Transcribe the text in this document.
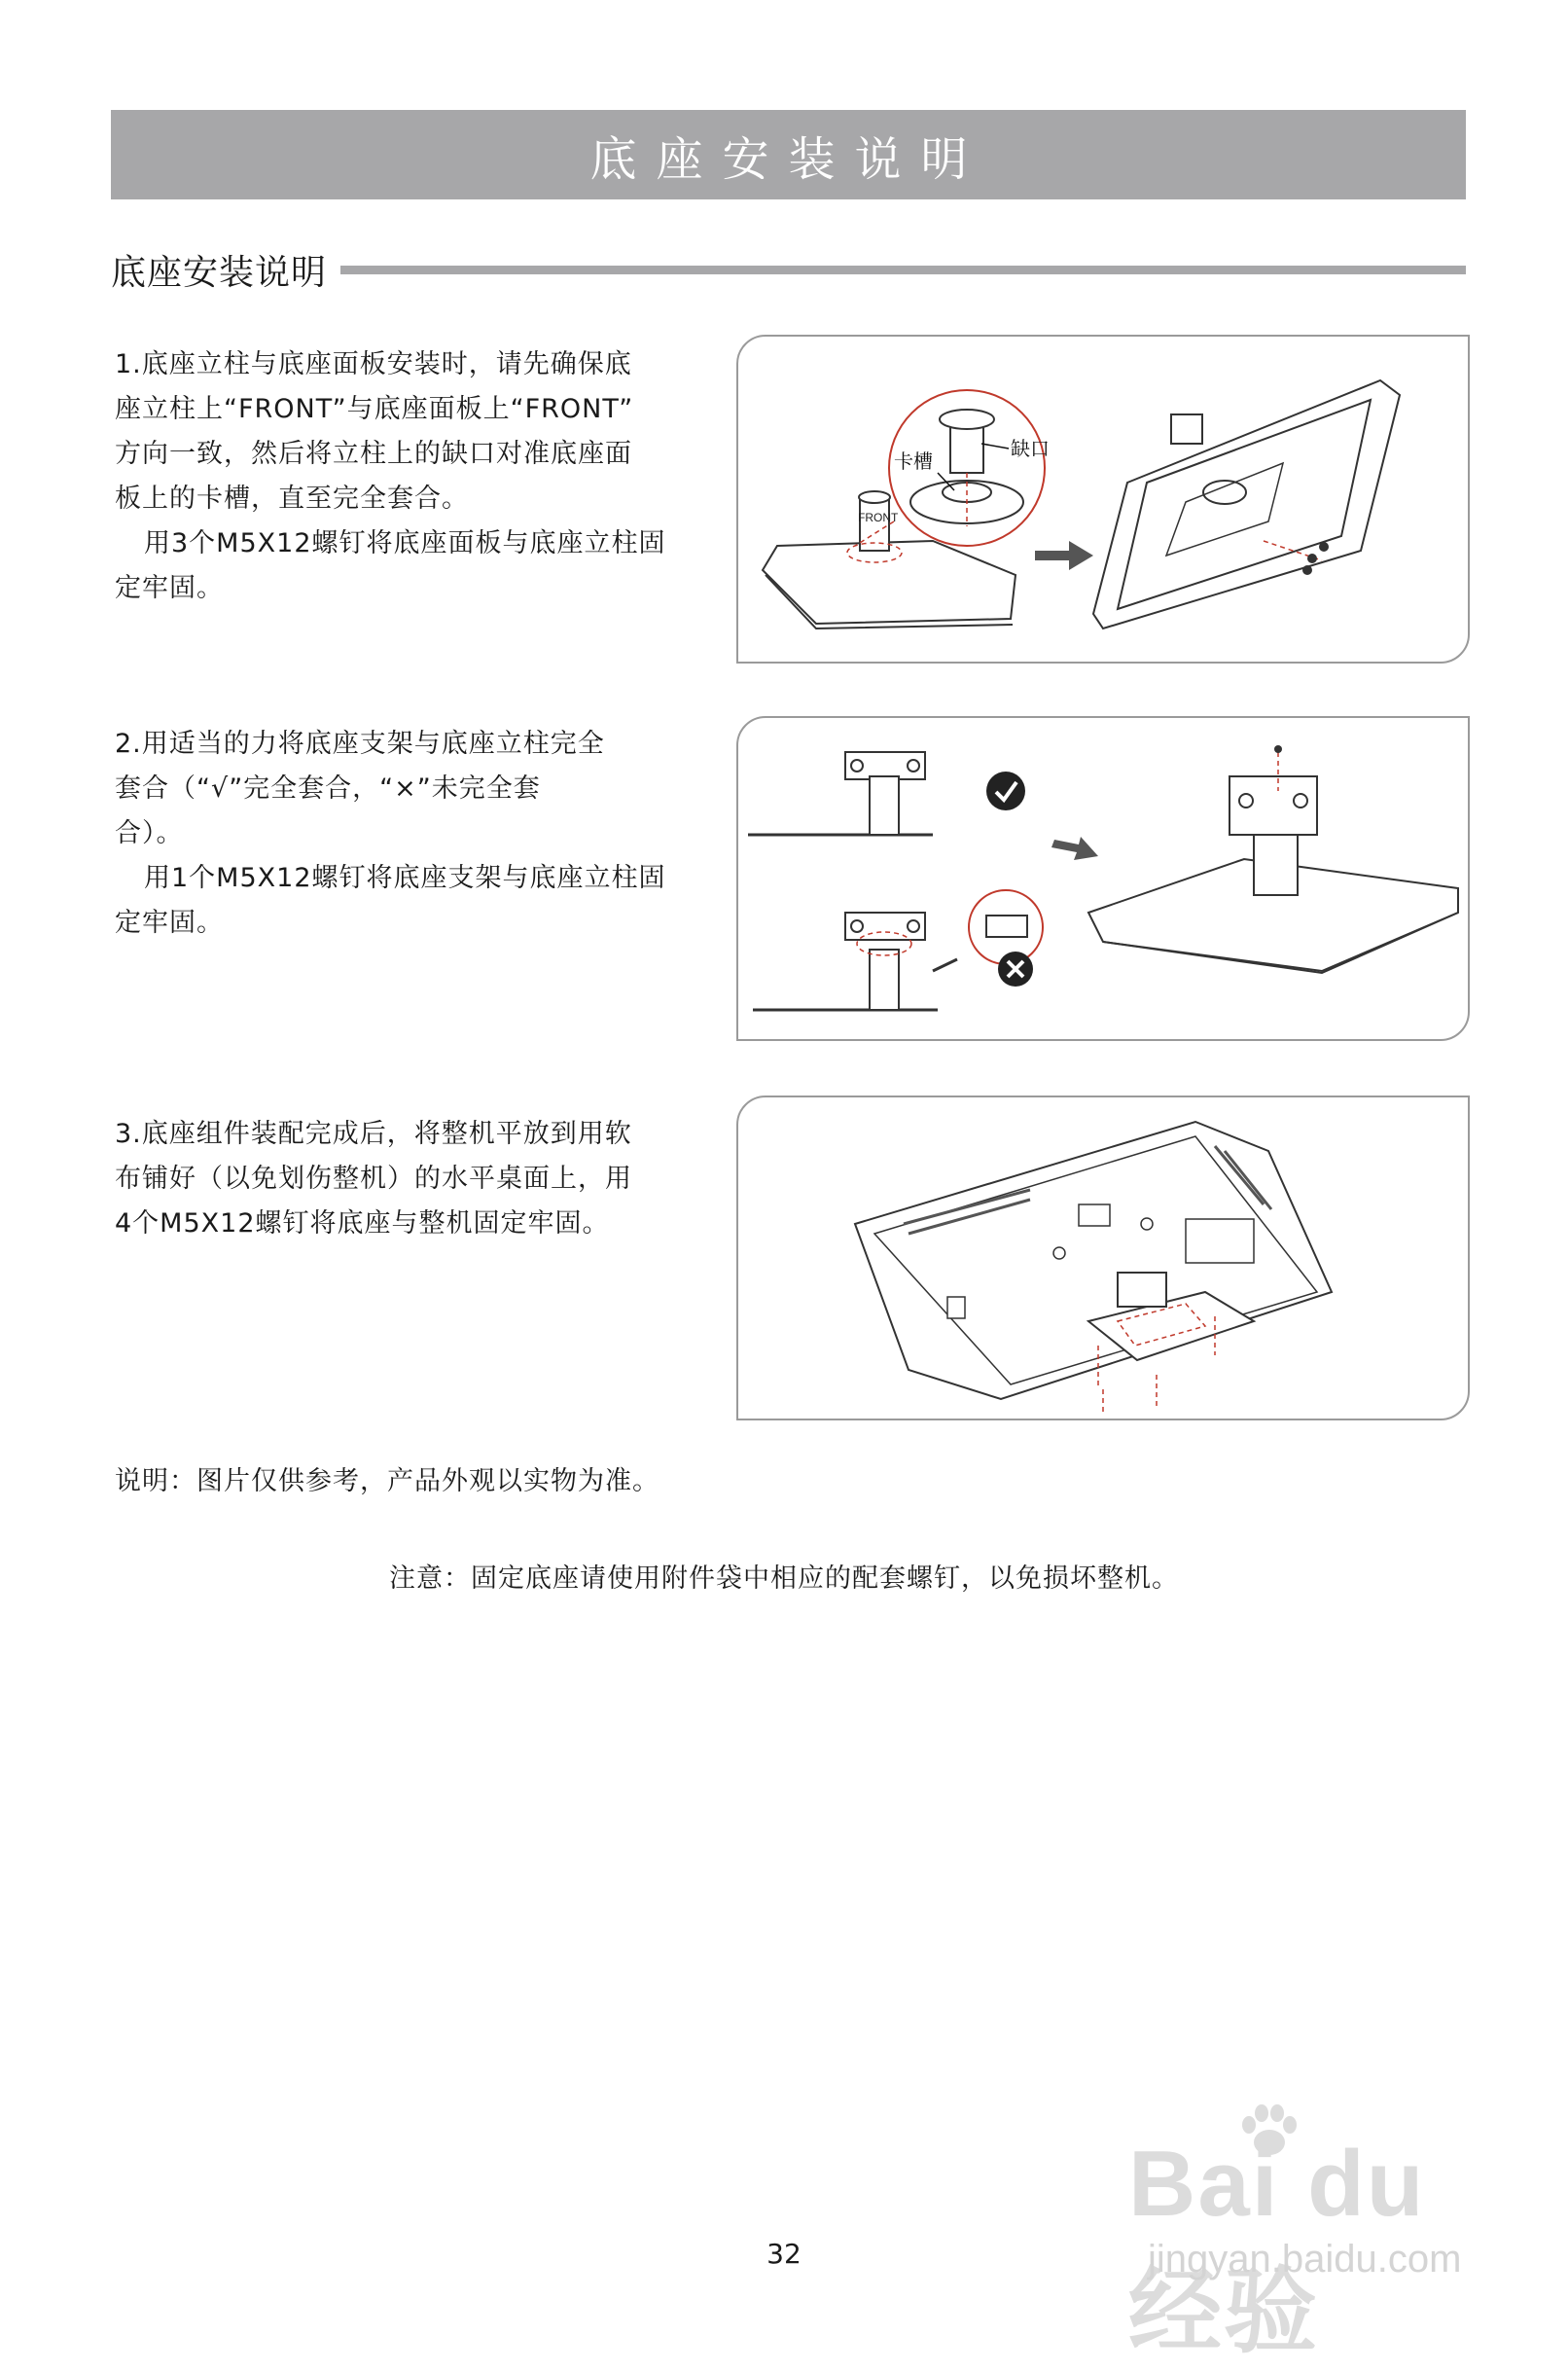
底座安装说明
底座安装说明

1.底座立柱与底座面板安装时，请先确保底

座立柱上“FRONT”与底座面板上“FRONT”

方向一致，然后将立柱上的缺口对准底座面

板上的卡槽，直至完全套合。

用3个M5X12螺钉将底座面板与底座立柱固

定牢固。

FRONT
卡槽
缺口

2.用适当的力将底座支架与底座立柱完全

套合（“√”完全套合，“×”未完全套

合）。

用1个M5X12螺钉将底座支架与底座立柱固

定牢固。

3.底座组件装配完成后，将整机平放到用软

布铺好（以免划伤整机）的水平桌面上，用

4个M5X12螺钉将底座与整机固定牢固。

说明：图片仅供参考，产品外观以实物为准。
注意：固定底座请使用附件袋中相应的配套螺钉，以免损坏整机。
32
Bai du 经验
jingyan.baidu.com
